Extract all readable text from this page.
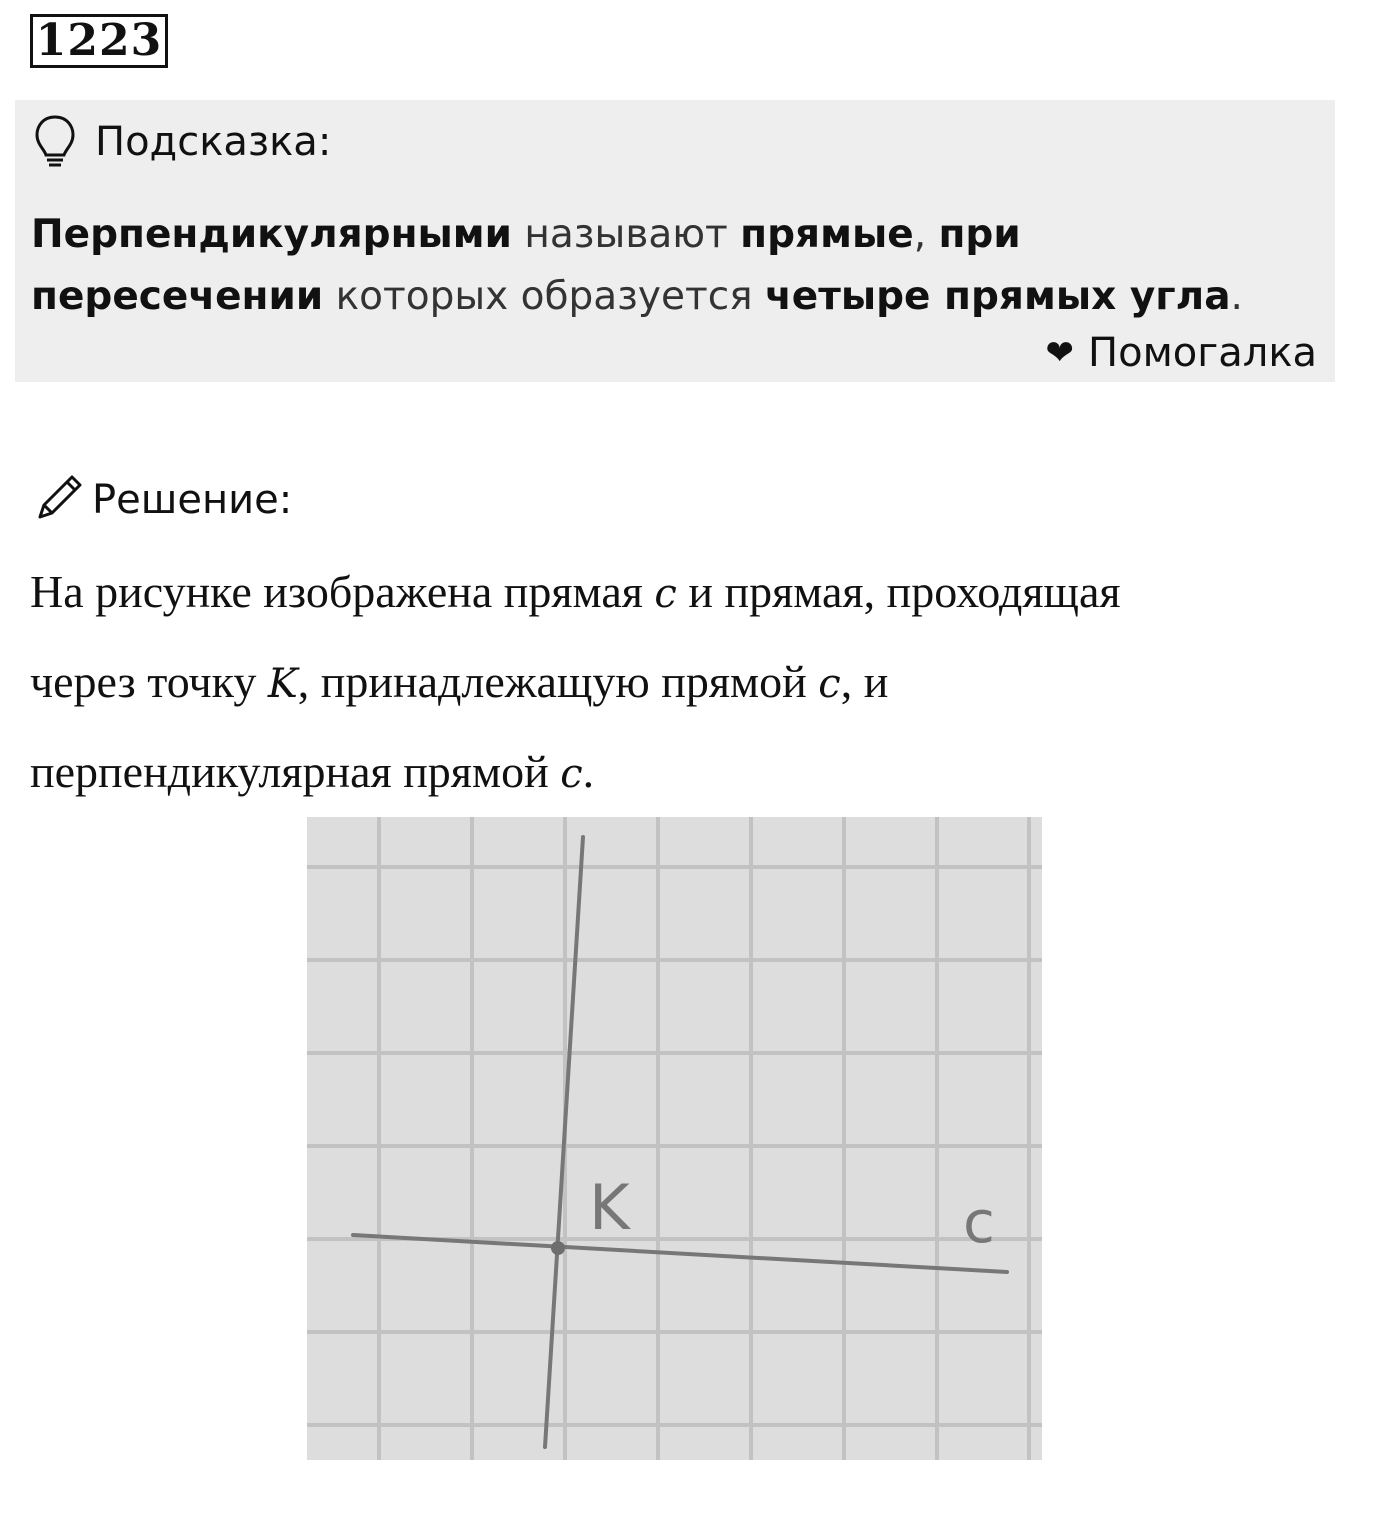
1223
Подсказка:
Перпендикулярными называют прямые, при пересечении которых образуется четыре прямых угла.
❤ Помогалка
Решение:
На рисунке изображена прямая c и прямая, проходящая
через точку K, принадлежащую прямой c, и
перпендикулярная прямой c.
K	c
